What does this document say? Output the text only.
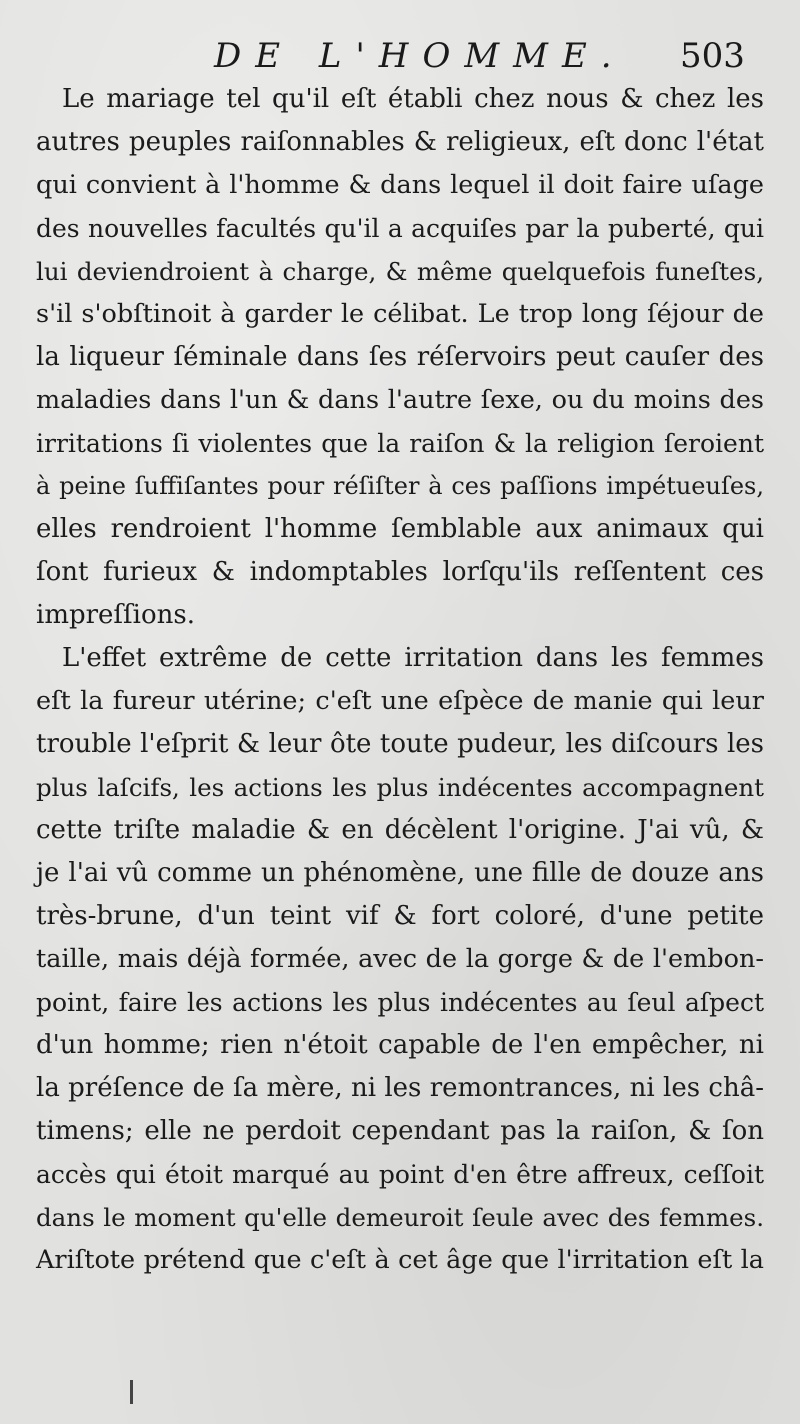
DE L'HOMME. 503
Le mariage tel qu'il eſt établi chez nous & chez les
autres peuples raiſonnables & religieux, eſt donc l'état
qui convient à l'homme & dans lequel il doit faire uſage
des nouvelles facultés qu'il a acquiſes par la puberté, qui
lui deviendroient à charge, & même quelquefois funeſtes,
s'il s'obſtinoit à garder le célibat. Le trop long ſéjour de
la liqueur ſéminale dans ſes réſervoirs peut cauſer des
maladies dans l'un & dans l'autre ſexe, ou du moins des
irritations ſi violentes que la raiſon & la religion ſeroient
à peine ſuffiſantes pour réſiſter à ces paſſions impétueuſes,
elles rendroient l'homme ſemblable aux animaux qui
ſont furieux & indomptables lorſqu'ils reſſentent ces
impreſſions.
L'effet extrême de cette irritation dans les femmes
eſt la fureur utérine; c'eſt une eſpèce de manie qui leur
trouble l'eſprit & leur ôte toute pudeur, les diſcours les
plus laſcifs, les actions les plus indécentes accompagnent
cette triſte maladie & en décèlent l'origine. J'ai vû, &
je l'ai vû comme un phénomène, une fille de douze ans
très-brune, d'un teint vif & fort coloré, d'une petite
taille, mais déjà formée, avec de la gorge & de l'embon-
point, faire les actions les plus indécentes au ſeul aſpect
d'un homme; rien n'étoit capable de l'en empêcher, ni
la préſence de ſa mère, ni les remontrances, ni les châ-
timens; elle ne perdoit cependant pas la raiſon, & ſon
accès qui étoit marqué au point d'en être affreux, ceſſoit
dans le moment qu'elle demeuroit ſeule avec des femmes.
Ariſtote prétend que c'eſt à cet âge que l'irritation eſt la
